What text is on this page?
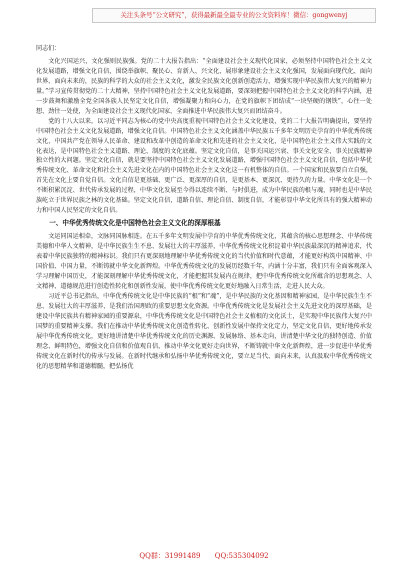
关注头条号“公文研究”，获得最新最全最专业的公文资料库！微信：gongwenyj

同志们：

文化兴国运兴，文化强则民族强。党的二十大报告指出：“全面建设社会主义现代化国家，必须坚持中国特色社会主义文化发展道路，增强文化自信，围绕举旗帜、聚民心、育新人、兴文化、展形象建设社会主义文化强国，发展面向现代化、面向世界、面向未来的，民族的科学的大众的社会主义文化，激发全民族文化创新创造活力，增强实现中华民族伟大复兴的精神力量。”学习宣传贯彻党的二十大精神，坚持中国特色社会主义文化发展道路，要深刻把握中国特色社会主义文化的科学内涵，进一步鼓舞和激励全党全国各族人民坚定文化自信，增强凝聚力和向心力，在党的旗帜下团结成“一块坚硬的钢铁”，心往一处想、劲往一处使，为全面建设社会主义现代化国家、全面推进中华民族伟大复兴而团结奋斗。

党的十八大以来，以习近平同志为核心的党中央高度重视中国特色社会主义文化建设，党的二十大报告明确提出，要坚持中国特色社会主义文化发展道路，增强文化自信。中国特色社会主义文化涵盖中华民族五千多年文明历史孕育的中华优秀传统文化，中国共产党在领导人民革命、建设和改革中创造的革命文化和先进的社会主义文化，是中国特色社会主义伟大实践的文化表达，是中国特色社会主义道路、理论、制度的文化底蕴。坚定文化自信，是事关国运兴衰、事关文化安全、事关民族精神独立性的大问题。坚定文化自信，就是要坚持中国特色社会主义文化发展道路，增强中国特色社会主义文化自信，包括中华优秀传统文化、革命文化和社会主义先进文化在内的中国特色社会主义文化这一有机整体的自信。一个国家和民族要自立自强，首先在文化上要自觉自信。文化自信是更基础、更广泛、更深厚的自信，是更基本、更深沉、更持久的力量。中华文化是一个不断积累沉淀、世代传承发展的过程，中华文化发展至今得以连续不断、与时俱进，成为中华民族的根与魂，同时也是中华民族屹立于世界民族之林的文化基础。坚定文化自信，道路自信、理论自信、制度自信，才能彰显中华文化所具有的强大精神动力和中国人民坚定的文化自信。

一、中华优秀传统文化是中国特色社会主义文化的深厚根基

文运同国运相牵，文脉同国脉相连。在五千多年文明发展中孕育的中华优秀传统文化，其蕴含的核心思想理念、中华传统美德和中华人文精神，是中华民族生生不息、发展壮大的丰厚滋养，中华优秀传统文化积淀着中华民族最深沉的精神追求，代表着中华民族独特的精神标识。我们只有更深刻地理解中华优秀传统文化的当代价值和时代意蕴，才能更好构筑中国精神、中国价值、中国力量，不断铸就中华文化新辉煌。中华优秀传统文化的发展历经数千年，内涵十分丰富，我们只有全面客观深入学习理解中国历史，才能深刻理解中华优秀传统文化，才能把握其发展内在规律，把中华优秀传统文化所蕴含的思想观念、人文精神、道德规范进行创造性转化和创新性发展，使中华优秀传统文化更好地融入日常生活，走进人民大众。

习近平总书记指出，中华优秀传统文化是中华民族的“根”和“魂”，是中华民族的文化基因和精神家园，是中华民族生生不息、发展壮大的丰厚滋养，是我们治国理政的重要思想文化资源。中华优秀传统文化是发展社会主义先进文化的深厚基础，是建设中华民族共有精神家园的重要源泉，中华优秀传统文化是中国特色社会主义植根的文化沃土，是实现中华民族伟大复兴中国梦的重要精神支撑。我们在推动中华优秀传统文化创造性转化、创新性发展中保持文化定力，坚定文化自信，更好地传承发展中华优秀传统文化，更好地讲清楚中华优秀传统文化的历史渊源、发展脉络、基本走向，讲清楚中华文化的独特创造、价值理念、鲜明特色，增强文化自信和价值观自信，推动中华文化更好走向世界，不断铸就中华文化新辉煌，进一步促进中华优秀传统文化在新时代的传承与发展。在新时代继承和弘扬中华优秀传统文化，要立足当代、面向未来，认真汲取中华优秀传统文化的思想精华和道德精髓，把弘扬优

QQ群：31991489 QQ:535304092
